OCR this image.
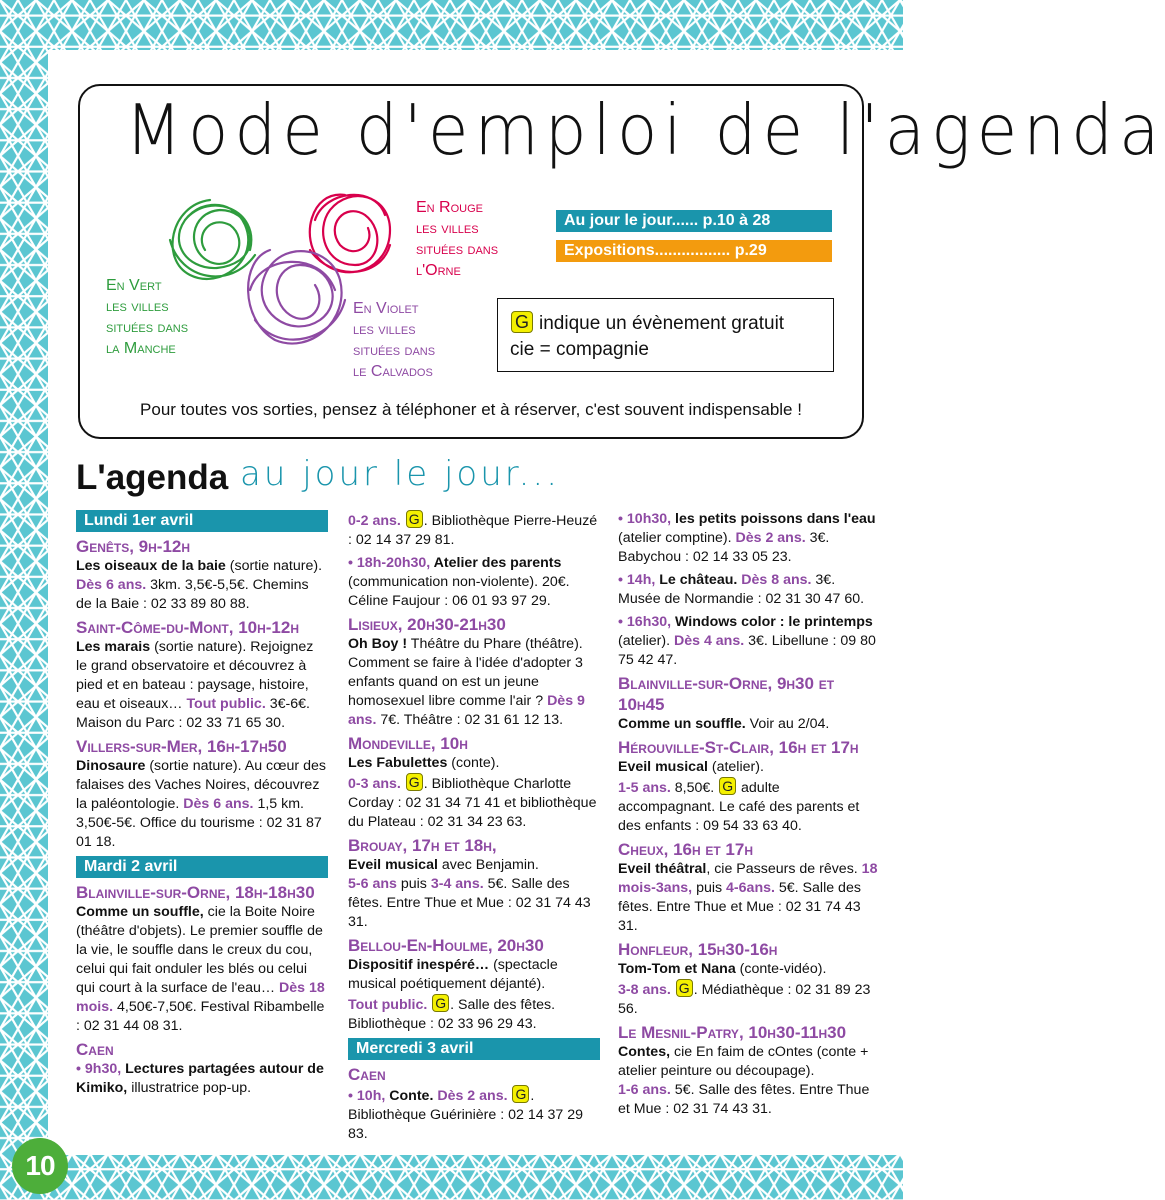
Mode d'emploi de l'agenda
En Rouge
les villes
situées dans
l'Orne
En Vert
les villes
situées dans
la Manche
En Violet
les villes
situées dans
le Calvados
Au jour le jour...... p.10 à 28
Expositions................. p.29
G indique un évènement gratuit
cie = compagnie
Pour toutes vos sorties, pensez à téléphoner et à réserver, c'est souvent indispensable !
L'agenda au jour le jour...
Lundi 1er avril
Genêts, 9h-12h
Les oiseaux de la baie (sortie nature). Dès 6 ans. 3km. 3,5€-5,5€. Chemins de la Baie : 02 33 89 80 88.
Saint-Côme-du-Mont, 10h-12h
Les marais (sortie nature). Rejoignez le grand observatoire et découvrez à pied et en bateau : paysage, histoire, eau et oiseaux… Tout public. 3€-6€. Maison du Parc : 02 33 71 65 30.
Villers-sur-Mer, 16h-17h50
Dinosaure (sortie nature). Au cœur des falaises des Vaches Noires, découvrez la paléontologie. Dès 6 ans. 1,5 km. 3,50€-5€. Office du tourisme : 02 31 87 01 18.
Mardi 2 avril
Blainville-sur-Orne, 18h-18h30
Comme un souffle, cie la Boite Noire (théâtre d'objets). Le premier souffle de la vie, le souffle dans le creux du cou, celui qui fait onduler les blés ou celui qui court à la surface de l'eau… Dès 18 mois. 4,50€-7,50€. Festival Ribambelle : 02 31 44 08 31.
Caen
• 9h30, Lectures partagées autour de Kimiko, illustratrice pop-up.
0-2 ans. G . Bibliothèque Pierre-Heuzé : 02 14 37 29 81.
• 18h-20h30, Atelier des parents (communication non-violente). 20€. Céline Faujour : 06 01 93 97 29.
Lisieux, 20h30-21h30
Oh Boy ! Théâtre du Phare (théâtre). Comment se faire à l'idée d'adopter 3 enfants quand on est un jeune homosexuel libre comme l'air ? Dès 9 ans. 7€. Théâtre : 02 31 61 12 13.
Mondeville, 10h
Les Fabulettes (conte).
0-3 ans. G . Bibliothèque Charlotte Corday : 02 31 34 71 41 et bibliothèque du Plateau : 02 31 34 23 63.
Brouay, 17h et 18h,
Eveil musical avec Benjamin.
5-6 ans puis 3-4 ans. 5€. Salle des fêtes. Entre Thue et Mue : 02 31 74 43 31.
Bellou-En-Houlme, 20h30
Dispositif inespéré… (spectacle musical poétiquement déjanté).
Tout public. G . Salle des fêtes. Bibliothèque : 02 33 96 29 43.
Mercredi 3 avril
Caen
• 10h, Conte. Dès 2 ans. G . Bibliothèque Guérinière : 02 14 37 29 83.
• 10h30, les petits poissons dans l'eau (atelier comptine). Dès 2 ans. 3€. Babychou : 02 14 33 05 23.
• 14h, Le château. Dès 8 ans. 3€. Musée de Normandie : 02 31 30 47 60.
• 16h30, Windows color : le printemps (atelier). Dès 4 ans. 3€. Libellune : 09 80 75 42 47.
Blainville-sur-Orne, 9h30 et 10h45
Comme un souffle. Voir au 2/04.
Hérouville-St-Clair, 16h et 17h
Eveil musical (atelier).
1-5 ans. 8,50€. G adulte accompagnant. Le café des parents et des enfants : 09 54 33 63 40.
Cheux, 16h et 17h
Eveil théâtral, cie Passeurs de rêves. 18 mois-3ans, puis 4-6ans. 5€. Salle des fêtes. Entre Thue et Mue : 02 31 74 43 31.
Honfleur, 15h30-16h
Tom-Tom et Nana (conte-vidéo).
3-8 ans. G . Médiathèque : 02 31 89 23 56.
Le Mesnil-Patry, 10h30-11h30
Contes, cie En faim de cOntes (conte + atelier peinture ou découpage).
1-6 ans. 5€. Salle des fêtes. Entre Thue et Mue : 02 31 74 43 31.
10
